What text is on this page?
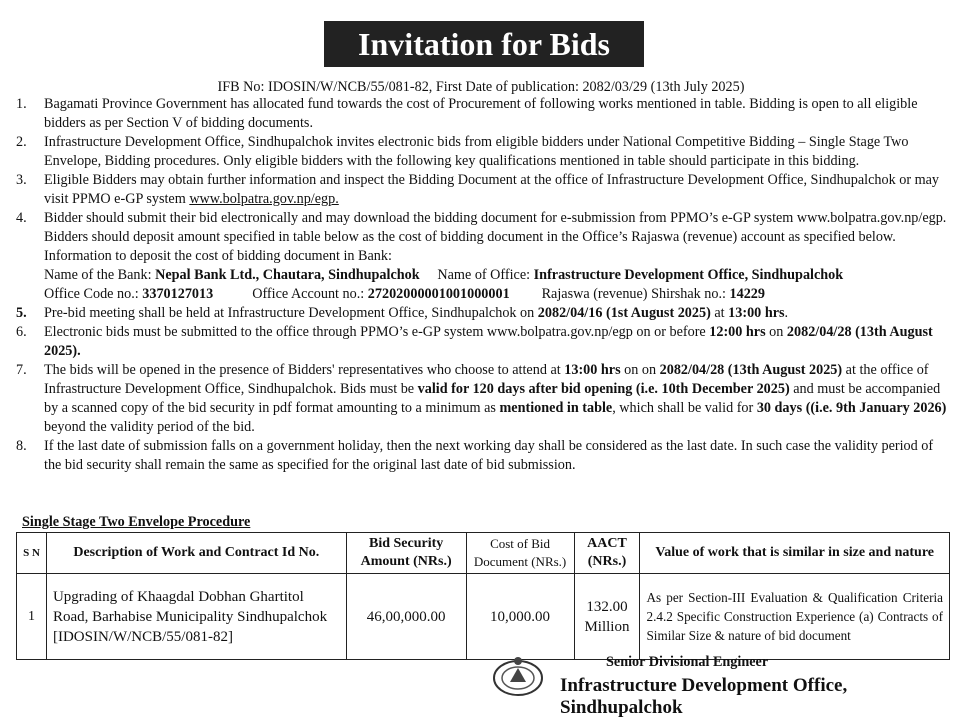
Invitation for Bids
IFB No: IDOSIN/W/NCB/55/081-82, First Date of publication: 2082/03/29 (13th July 2025)
1. Bagamati Province Government has allocated fund towards the cost of Procurement of following works mentioned in table. Bidding is open to all eligible bidders as per Section V of bidding documents.
2. Infrastructure Development Office, Sindhupalchok invites electronic bids from eligible bidders under National Competitive Bidding – Single Stage Two Envelope, Bidding procedures. Only eligible bidders with the following key qualifications mentioned in table should participate in this bidding.
3. Eligible Bidders may obtain further information and inspect the Bidding Document at the office of Infrastructure Development Office, Sindhupalchok or may visit PPMO e-GP system www.bolpatra.gov.np/egp.
4. Bidder should submit their bid electronically and may download the bidding document for e-submission from PPMO’s e-GP system www.bolpatra.gov.np/egp. Bidders should deposit amount specified in table below as the cost of bidding document in the Office’s Rajaswa (revenue) account as specified below. Information to deposit the cost of bidding document in Bank:
Name of the Bank: Nepal Bank Ltd., Chautara, Sindhupalchok Name of Office: Infrastructure Development Office, Sindhupalchok
Office Code no.: 3370127013	Office Account no.: 27202000001001000001 Rajaswa (revenue) Shirshak no.: 14229
5. Pre-bid meeting shall be held at Infrastructure Development Office, Sindhupalchok on 2082/04/16 (1st August 2025) at 13:00 hrs.
6. Electronic bids must be submitted to the office through PPMO’s e-GP system www.bolpatra.gov.np/egp on or before 12:00 hrs on 2082/04/28 (13th August 2025).
7. The bids will be opened in the presence of Bidders' representatives who choose to attend at 13:00 hrs on on 2082/04/28 (13th August 2025) at the office of Infrastructure Development Office, Sindhupalchok. Bids must be valid for 120 days after bid opening (i.e. 10th December 2025) and must be accompanied by a scanned copy of the bid security in pdf format amounting to a minimum as mentioned in table, which shall be valid for 30 days ((i.e. 9th January 2026) beyond the validity period of the bid.
8. If the last date of submission falls on a government holiday, then the next working day shall be considered as the last date. In such case the validity period of the bid security shall remain the same as specified for the original last date of bid submission.
Single Stage Two Envelope Procedure
S N	Description of Work and Contract Id No.	Bid Security Amount (NRs.)	Cost of Bid Document (NRs.)	AACT (NRs.)	Value of work that is similar in size and nature
1	Upgrading of Khaagdal Dobhan Ghartitol Road, Barhabise Municipality Sindhupalchok [IDOSIN/W/NCB/55/081-82]	46,00,000.00	10,000.00	132.00 Million	As per Section-III Evaluation & Qualification Criteria 2.4.2 Specific Construction Experience (a) Contracts of Similar Size & nature of bid document
Senior Divisional Engineer
Infrastructure Development Office, Sindhupalchok
